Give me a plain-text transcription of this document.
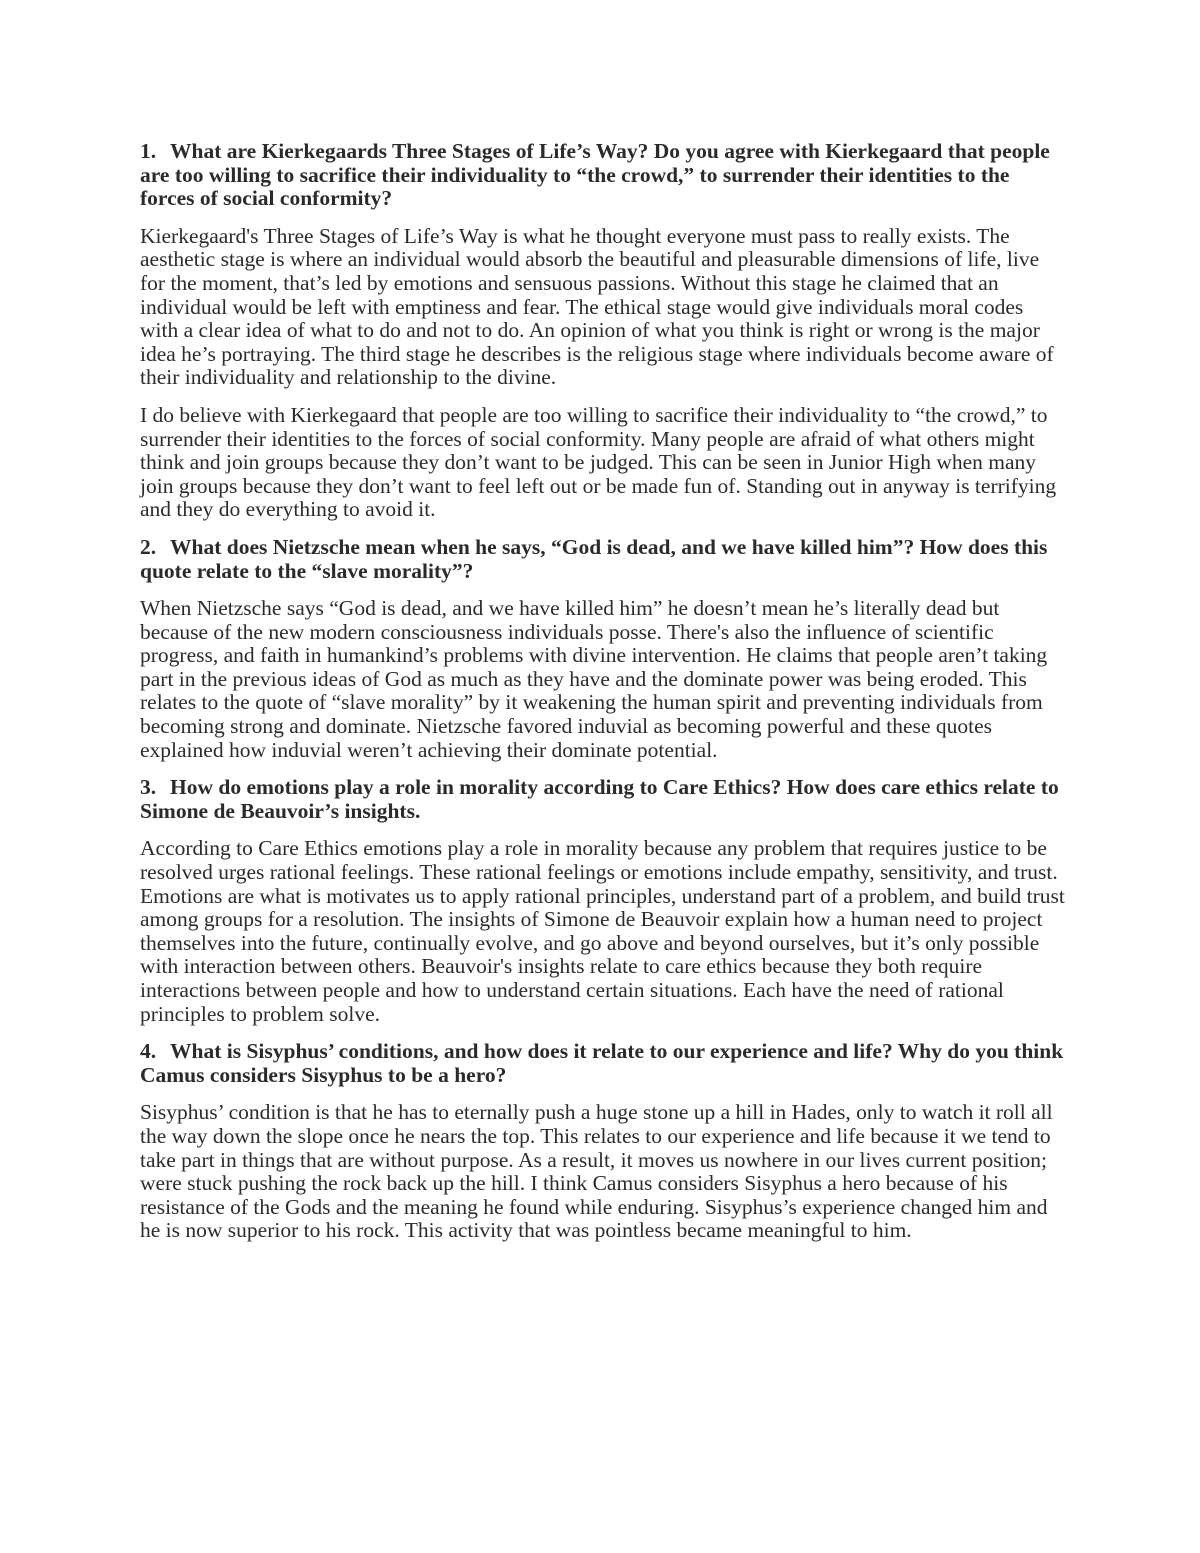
1. What are Kierkegaards Three Stages of Life’s Way? Do you agree with Kierkegaard that people are too willing to sacrifice their individuality to “the crowd,” to surrender their identities to the forces of social conformity?

Kierkegaard's Three Stages of Life’s Way is what he thought everyone must pass to really exists. The aesthetic stage is where an individual would absorb the beautiful and pleasurable dimensions of life, live for the moment, that’s led by emotions and sensuous passions. Without this stage he claimed that an individual would be left with emptiness and fear. The ethical stage would give individuals moral codes with a clear idea of what to do and not to do. An opinion of what you think is right or wrong is the major idea he’s portraying. The third stage he describes is the religious stage where individuals become aware of their individuality and relationship to the divine.

I do believe with Kierkegaard that people are too willing to sacrifice their individuality to “the crowd,” to surrender their identities to the forces of social conformity. Many people are afraid of what others might think and join groups because they don’t want to be judged. This can be seen in Junior High when many join groups because they don’t want to feel left out or be made fun of. Standing out in anyway is terrifying and they do everything to avoid it.

2. What does Nietzsche mean when he says, “God is dead, and we have killed him”? How does this quote relate to the “slave morality”?

When Nietzsche says “God is dead, and we have killed him” he doesn’t mean he’s literally dead but because of the new modern consciousness individuals posse. There's also the influence of scientific progress, and faith in humankind’s problems with divine intervention. He claims that people aren’t taking part in the previous ideas of God as much as they have and the dominate power was being eroded. This relates to the quote of “slave morality” by it weakening the human spirit and preventing individuals from becoming strong and dominate. Nietzsche favored induvial as becoming powerful and these quotes explained how induvial weren’t achieving their dominate potential.

3. How do emotions play a role in morality according to Care Ethics? How does care ethics relate to Simone de Beauvoir’s insights.

According to Care Ethics emotions play a role in morality because any problem that requires justice to be resolved urges rational feelings. These rational feelings or emotions include empathy, sensitivity, and trust. Emotions are what is motivates us to apply rational principles, understand part of a problem, and build trust among groups for a resolution. The insights of Simone de Beauvoir explain how a human need to project themselves into the future, continually evolve, and go above and beyond ourselves, but it’s only possible with interaction between others. Beauvoir's insights relate to care ethics because they both require interactions between people and how to understand certain situations. Each have the need of rational principles to problem solve.

4. What is Sisyphus’ conditions, and how does it relate to our experience and life? Why do you think Camus considers Sisyphus to be a hero?

Sisyphus’ condition is that he has to eternally push a huge stone up a hill in Hades, only to watch it roll all the way down the slope once he nears the top. This relates to our experience and life because it we tend to take part in things that are without purpose. As a result, it moves us nowhere in our lives current position; were stuck pushing the rock back up the hill. I think Camus considers Sisyphus a hero because of his resistance of the Gods and the meaning he found while enduring. Sisyphus’s experience changed him and he is now superior to his rock. This activity that was pointless became meaningful to him.
